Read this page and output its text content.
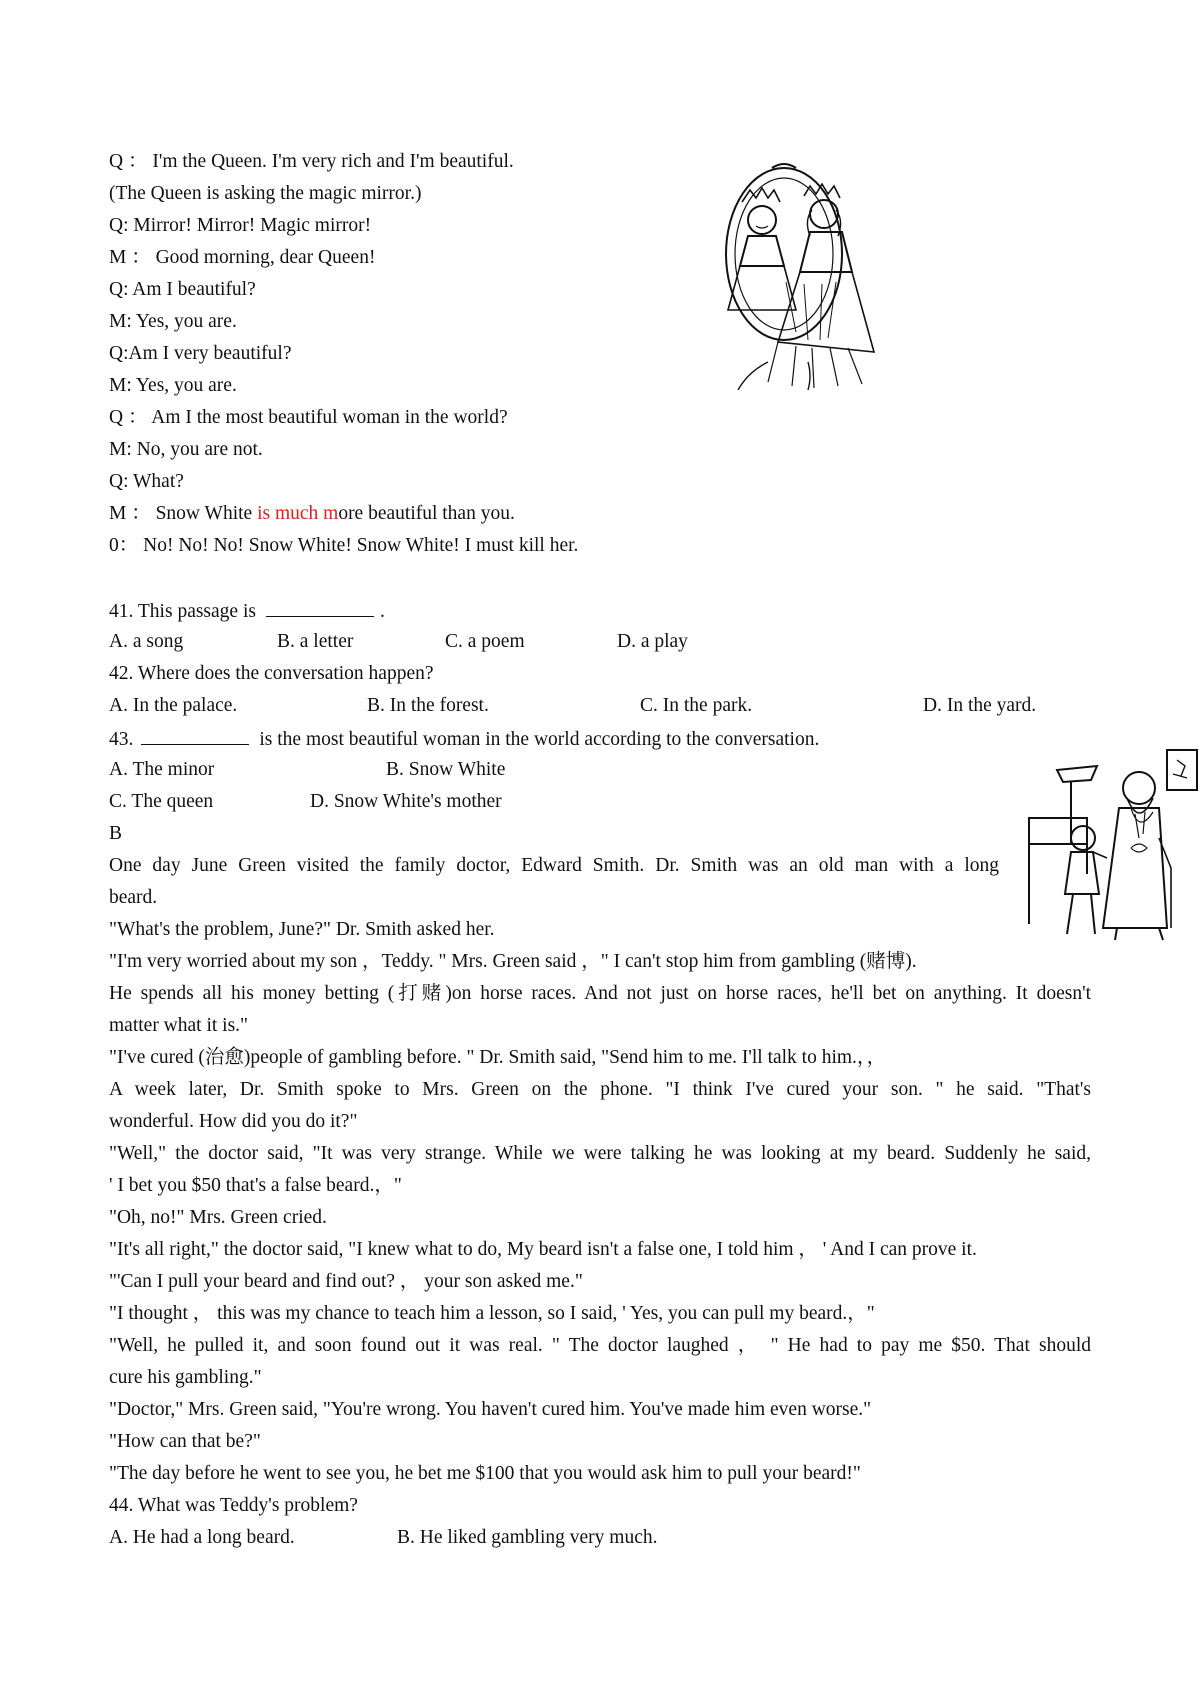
Q ： I'm the Queen. I'm very rich and I'm beautiful.
(The Queen is asking the magic mirror.)
Q: Mirror! Mirror! Magic mirror!
M ： Good morning, dear Queen!
Q: Am I beautiful?
M: Yes, you are.
Q:Am I very beautiful?
M: Yes, you are.
Q ： Am I the most beautiful woman in the world?
M: No, you are not.
Q: What?
M ： Snow White is much more beautiful than you.
0： No! No! No! Snow White! Snow White! I must kill her.
41. This passage is	.
A. a song	B. a letter	C. a poem	D. a play
42. Where does the conversation happen?
A. In the palace.	B. In the forest.	C. In the park.	D. In the yard.
43.	is the most beautiful woman in the world according to the conversation.
A. The minor	B. Snow White
C. The queen	D. Snow White's mother
B
One day June Green visited the family doctor, Edward Smith. Dr. Smith was an old man with a long
beard.
"What's the problem, June?" Dr. Smith asked her.
"I'm very worried about my son ，Teddy. " Mrs. Green said ，" I can't stop him from gambling (赌博).
He spends all his money betting (打赌)on horse races. And not just on horse races, he'll bet on anything. It doesn't
matter what it is."
"I've cured (治愈)people of gambling before. " Dr. Smith said, "Send him to me. I'll talk to him.，，
A week later, Dr. Smith spoke to Mrs. Green on the phone. "I think I've cured your son. " he said. "That's
wonderful. How did you do it?"
"Well," the doctor said, "It was very strange. While we were talking he was looking at my beard. Suddenly he said,
' I bet you $50 that's a false beard.，"
"Oh, no!" Mrs. Green cried.
"It's all right," the doctor said, "I knew what to do, My beard isn't a false one, I told him ， ' And I can prove it.
"'Can I pull your beard and find out? ， your son asked me."
"I thought ， this was my chance to teach him a lesson, so I said, ' Yes, you can pull my beard.，"
"Well, he pulled it, and soon found out it was real. " The doctor laughed ， " He had to pay me $50. That should
cure his gambling."
"Doctor," Mrs. Green said, "You're wrong. You haven't cured him. You've made him even worse."
"How can that be?"
"The day before he went to see you, he bet me $100 that you would ask him to pull your beard!"
44. What was Teddy's problem?
A. He had a long beard.	B. He liked gambling very much.
